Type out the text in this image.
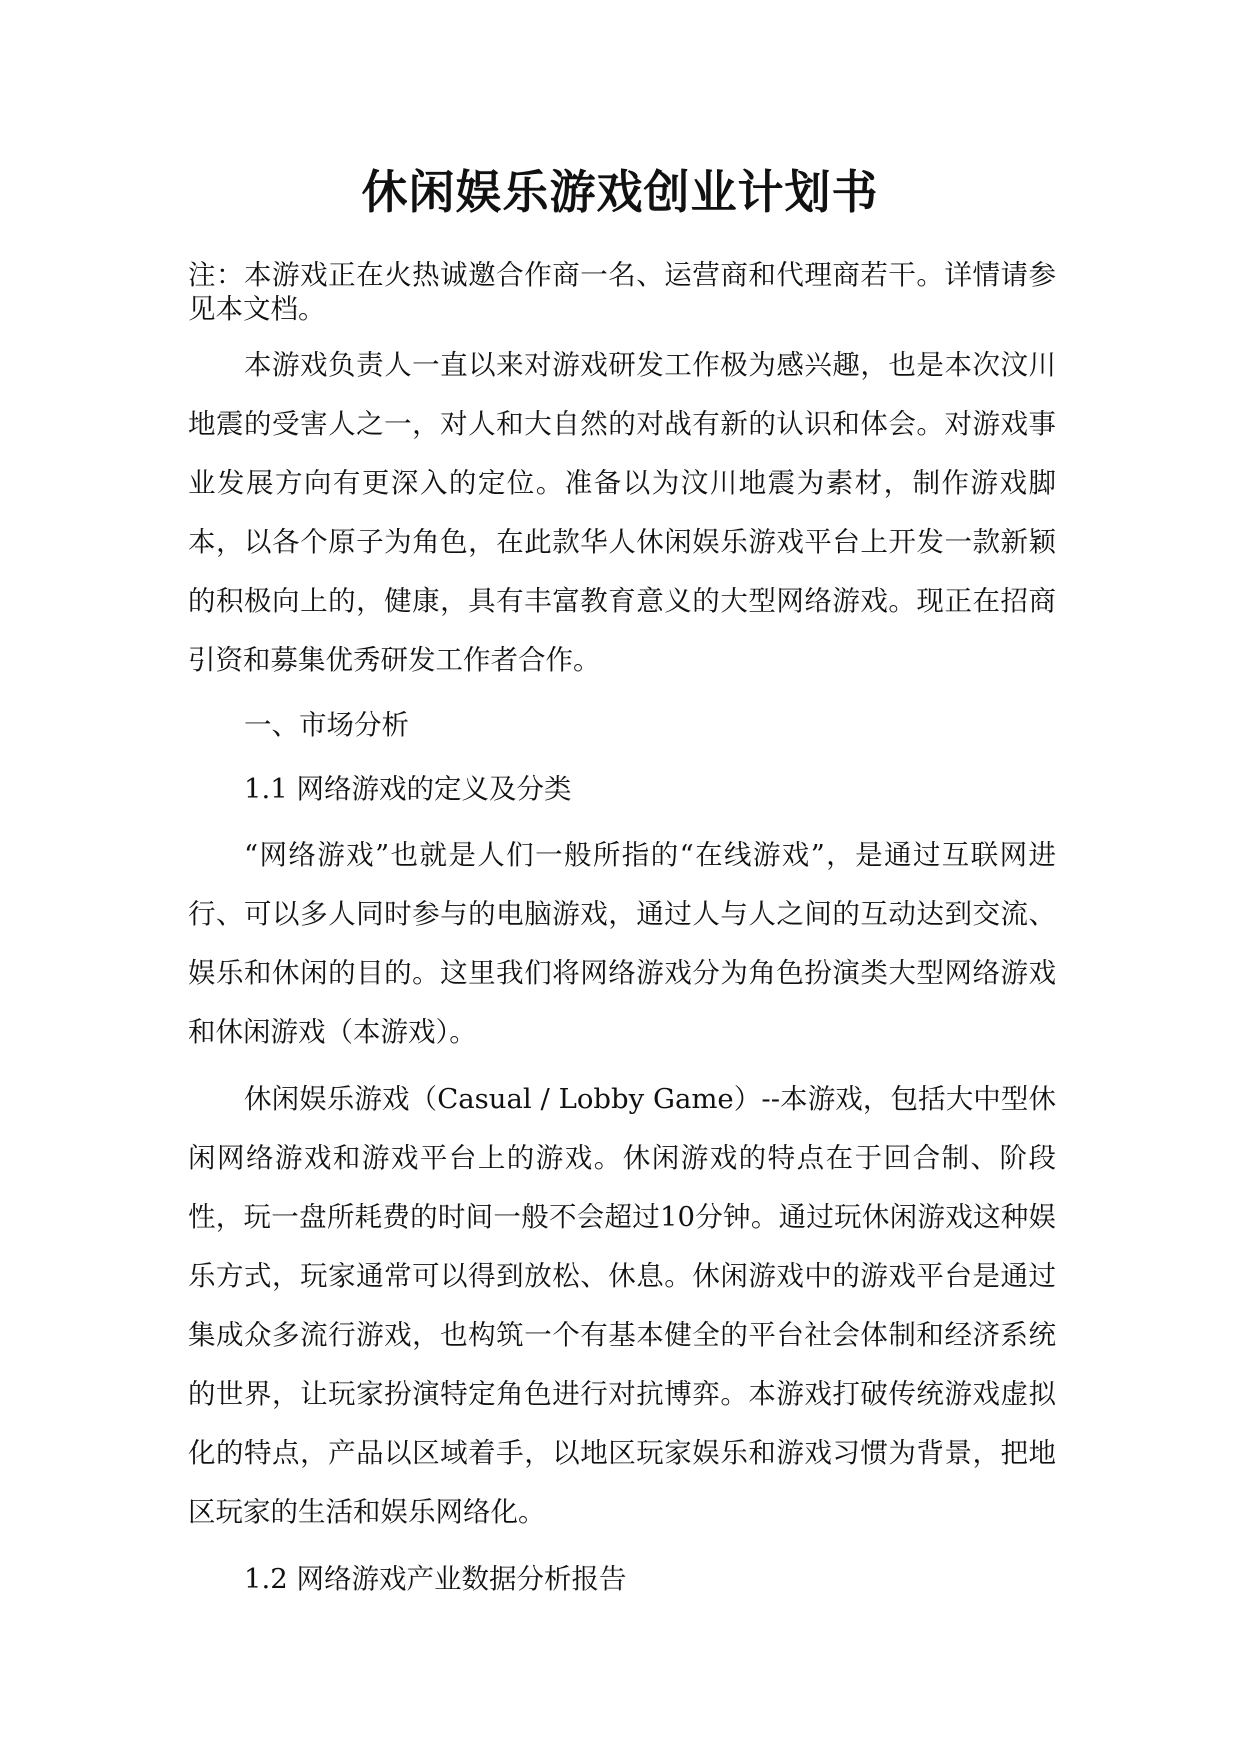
休闲娱乐游戏创业计划书

注：本游戏正在火热诚邀合作商一名、运营商和代理商若干。详情请参见本文档。

本游戏负责人一直以来对游戏研发工作极为感兴趣，也是本次汶川地震的受害人之一，对人和大自然的对战有新的认识和体会。对游戏事业发展方向有更深入的定位。准备以为汶川地震为素材，制作游戏脚本，以各个原子为角色，在此款华人休闲娱乐游戏平台上开发一款新颖的积极向上的，健康，具有丰富教育意义的大型网络游戏。现正在招商引资和募集优秀研发工作者合作。

一、市场分析

1.1 网络游戏的定义及分类

“网络游戏”也就是人们一般所指的“在线游戏”，是通过互联网进行、可以多人同时参与的电脑游戏，通过人与人之间的互动达到交流、娱乐和休闲的目的。这里我们将网络游戏分为角色扮演类大型网络游戏和休闲游戏（本游戏）。

休闲娱乐游戏（Casual / Lobby Game）--本游戏，包括大中型休闲网络游戏和游戏平台上的游戏。休闲游戏的特点在于回合制、阶段性，玩一盘所耗费的时间一般不会超过10分钟。通过玩休闲游戏这种娱乐方式，玩家通常可以得到放松、休息。休闲游戏中的游戏平台是通过集成众多流行游戏，也构筑一个有基本健全的平台社会体制和经济系统的世界，让玩家扮演特定角色进行对抗博弈。本游戏打破传统游戏虚拟化的特点，产品以区域着手，以地区玩家娱乐和游戏习惯为背景，把地区玩家的生活和娱乐网络化。

1.2 网络游戏产业数据分析报告
